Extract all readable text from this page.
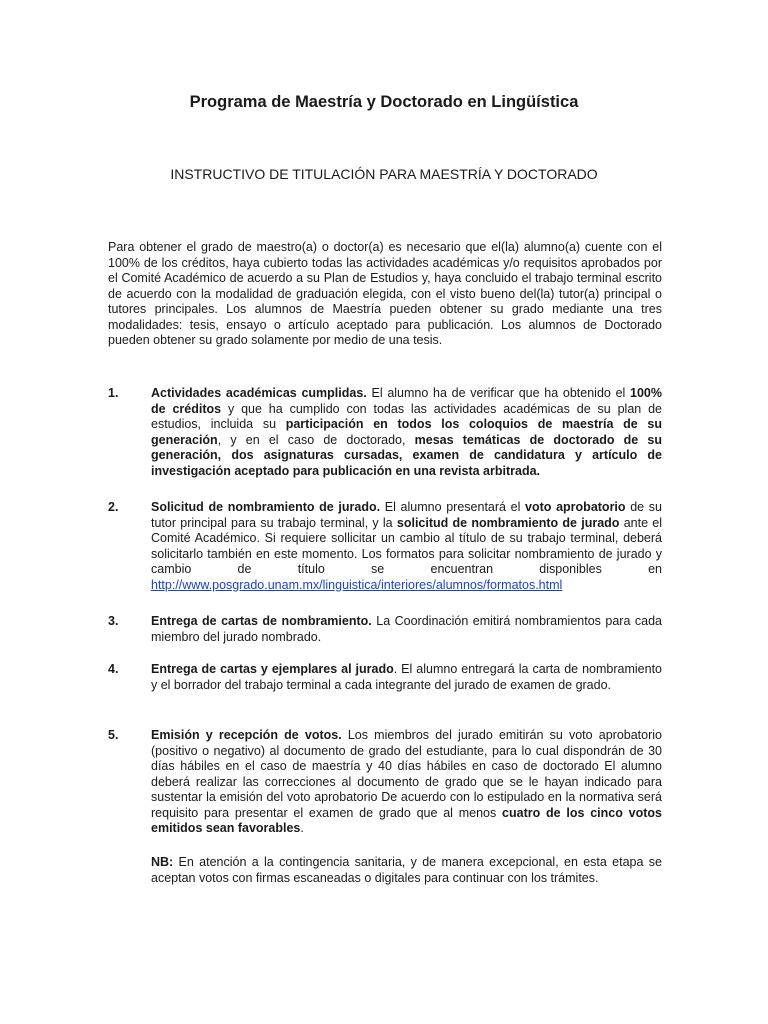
Programa de Maestría y Doctorado en Lingüística
INSTRUCTIVO DE TITULACIÓN PARA MAESTRÍA Y DOCTORADO

Para obtener el grado de maestro(a) o doctor(a) es necesario que el(la) alumno(a) cuente con el 100% de los créditos, haya cubierto todas las actividades académicas y/o requisitos aprobados por el Comité Académico de acuerdo a su Plan de Estudios y, haya concluido el trabajo terminal escrito de acuerdo con la modalidad de graduación elegida, con el visto bueno del(la) tutor(a) principal o tutores principales. Los alumnos de Maestría pueden obtener su grado mediante una tres modalidades: tesis, ensayo o artículo aceptado para publicación. Los alumnos de Doctorado pueden obtener su grado solamente por medio de una tesis.

1.	Actividades académicas cumplidas. El alumno ha de verificar que ha obtenido el 100% de créditos y que ha cumplido con todas las actividades académicas de su plan de estudios, incluida su participación en todos los coloquios de maestría de su generación, y en el caso de doctorado, mesas temáticas de doctorado de su generación, dos asignaturas cursadas, examen de candidatura y artículo de investigación aceptado para publicación en una revista arbitrada.
2.	Solicitud de nombramiento de jurado. El alumno presentará el voto aprobatorio de su tutor principal para su trabajo terminal, y la solicitud de nombramiento de jurado ante el Comité Académico. Si requiere sollicitar un cambio al título de su trabajo terminal, deberá solicitarlo también en este momento. Los formatos para solicitar nombramiento de jurado y cambio de título se encuentran disponibles en http://www.posgrado.unam.mx/linguistica/interiores/alumnos/formatos.html
3.	Entrega de cartas de nombramiento. La Coordinación emitirá nombramientos para cada miembro del jurado nombrado.
4.	Entrega de cartas y ejemplares al jurado. El alumno entregará la carta de nombramiento y el borrador del trabajo terminal a cada integrante del jurado de examen de grado.
5.	Emisión y recepción de votos. Los miembros del jurado emitirán su voto aprobatorio (positivo o negativo) al documento de grado del estudiante, para lo cual dispondrán de 30 días hábiles en el caso de maestría y 40 días hábiles en caso de doctorado El alumno deberá realizar las correcciones al documento de grado que se le hayan indicado para sustentar la emisión del voto aprobatorio De acuerdo con lo estipulado en la normativa será requisito para presentar el examen de grado que al menos cuatro de los cinco votos emitidos sean favorables.

NB: En atención a la contingencia sanitaria, y de manera excepcional, en esta etapa se aceptan votos con firmas escaneadas o digitales para continuar con los trámites.
